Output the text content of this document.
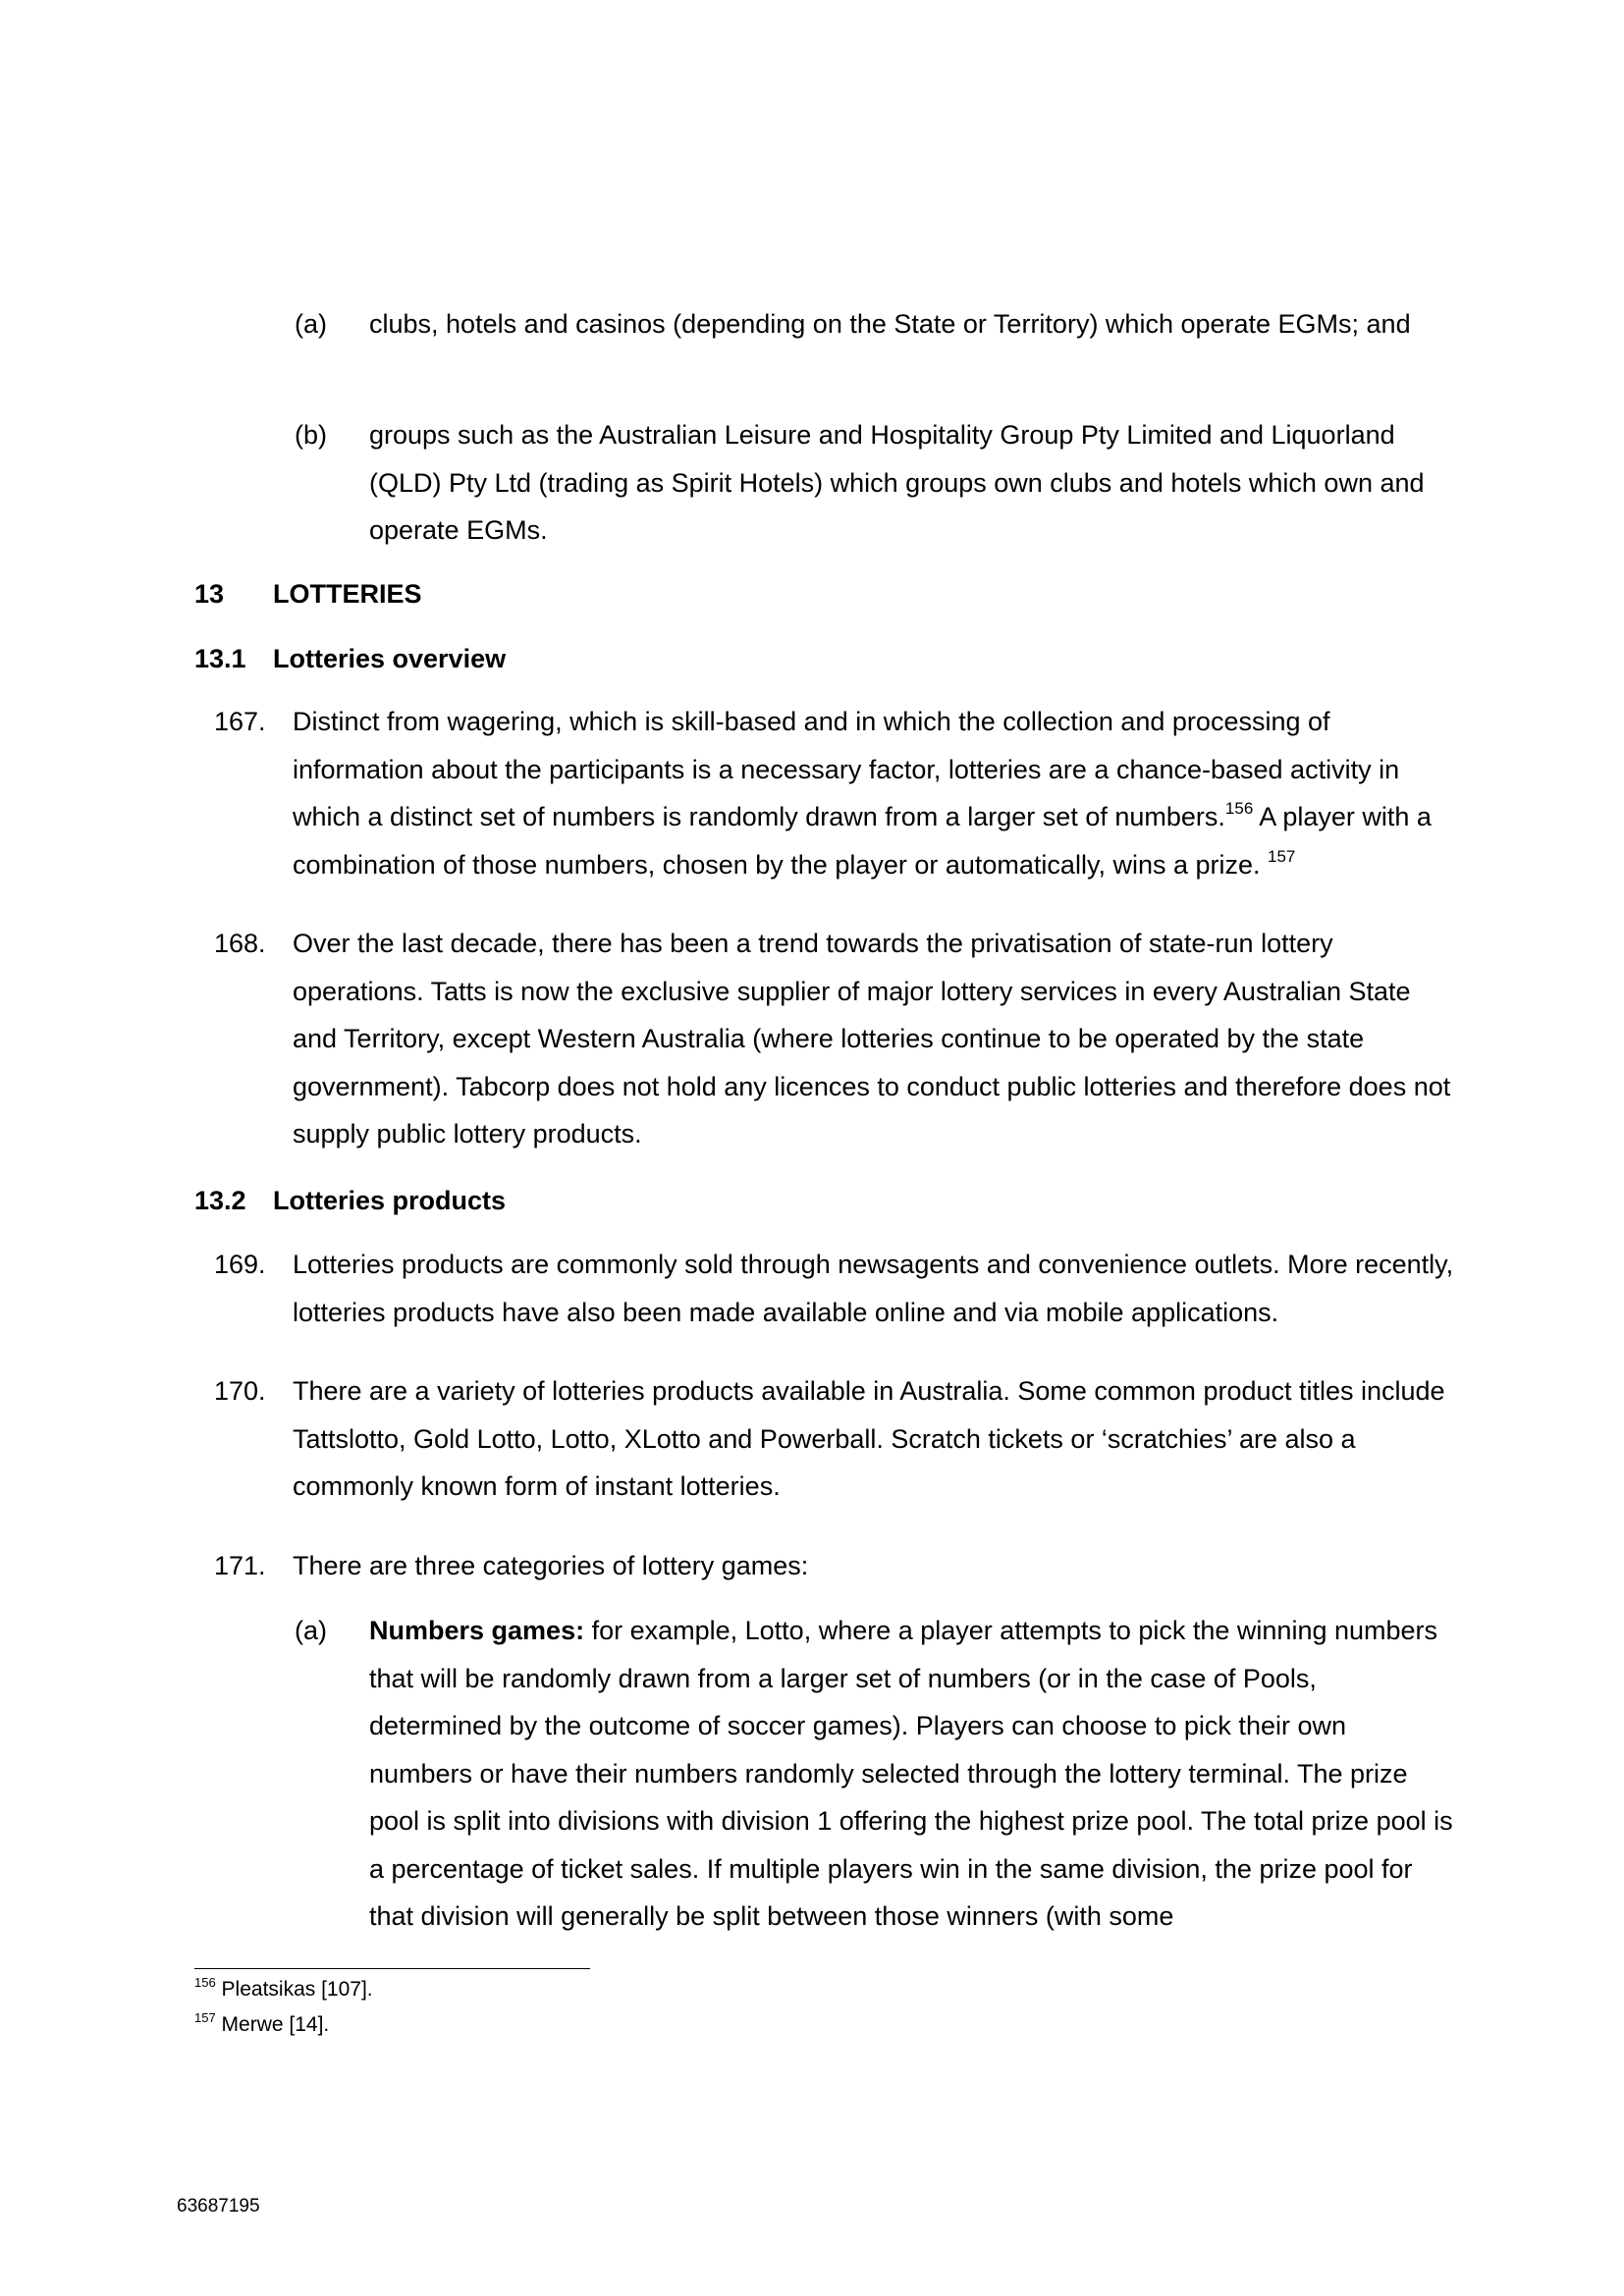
(a) clubs, hotels and casinos (depending on the State or Territory) which operate EGMs; and
(b) groups such as the Australian Leisure and Hospitality Group Pty Limited and Liquorland (QLD) Pty Ltd (trading as Spirit Hotels) which groups own clubs and hotels which own and operate EGMs.
13 LOTTERIES
13.1 Lotteries overview
167. Distinct from wagering, which is skill-based and in which the collection and processing of information about the participants is a necessary factor, lotteries are a chance-based activity in which a distinct set of numbers is randomly drawn from a larger set of numbers.$^{156}$ A player with a combination of those numbers, chosen by the player or automatically, wins a prize. $^{157}$
168. Over the last decade, there has been a trend towards the privatisation of state-run lottery operations. Tatts is now the exclusive supplier of major lottery services in every Australian State and Territory, except Western Australia (where lotteries continue to be operated by the state government). Tabcorp does not hold any licences to conduct public lotteries and therefore does not supply public lottery products.
13.2 Lotteries products
169. Lotteries products are commonly sold through newsagents and convenience outlets. More recently, lotteries products have also been made available online and via mobile applications.
170. There are a variety of lotteries products available in Australia. Some common product titles include Tattslotto, Gold Lotto, Lotto, XLotto and Powerball. Scratch tickets or ‘scratchies’ are also a commonly known form of instant lotteries.
171. There are three categories of lottery games:
(a) Numbers games: for example, Lotto, where a player attempts to pick the winning numbers that will be randomly drawn from a larger set of numbers (or in the case of Pools, determined by the outcome of soccer games). Players can choose to pick their own numbers or have their numbers randomly selected through the lottery terminal. The prize pool is split into divisions with division 1 offering the highest prize pool. The total prize pool is a percentage of ticket sales. If multiple players win in the same division, the prize pool for that division will generally be split between those winners (with some
$^{156}$ Pleatsikas [107].
$^{157}$ Merwe [14].
63687195
